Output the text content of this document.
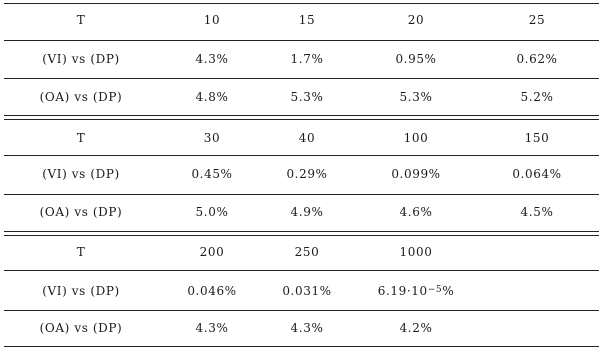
T	10	15	20	25
(VI) vs (DP)	4.3%	1.7%	0.95%	0.62%
(OA) vs (DP)	4.8%	5.3%	5.3%	5.2%
T	30	40	100	150
(VI) vs (DP)	0.45%	0.29%	0.099%	0.064%
(OA) vs (DP)	5.0%	4.9%	4.6%	4.5%
T	200	250	1000
(VI) vs (DP)	0.046%	0.031%	$6.19\cdot 10^{-5}\%$
(OA) vs (DP)	4.3%	4.3%	4.2%
